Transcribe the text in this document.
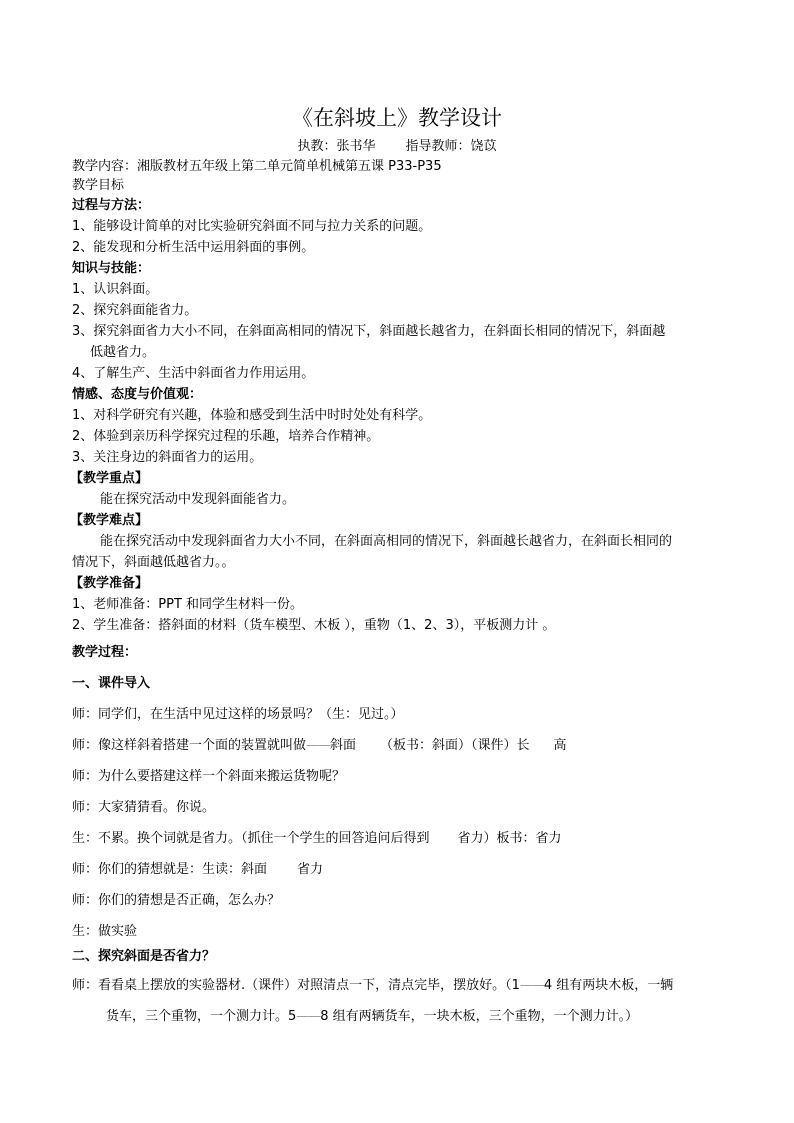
《在斜坡上》教学设计
执教：张书华 指导教师：饶苡
教学内容：湘版教材五年级上第二单元简单机械第五课 P33-P35
教学目标
过程与方法：
1、能够设计简单的对比实验研究斜面不同与拉力关系的问题。
2、能发现和分析生活中运用斜面的事例。
知识与技能：
1、认识斜面。
2、探究斜面能省力。
3、探究斜面省力大小不同，在斜面高相同的情况下，斜面越长越省力，在斜面长相同的情况下，斜面越
低越省力。
4、了解生产、生活中斜面省力作用运用。
情感、态度与价值观：
1、对科学研究有兴趣，体验和感受到生活中时时处处有科学。
2、体验到亲历科学探究过程的乐趣，培养合作精神。
3、关注身边的斜面省力的运用。
【教学重点】
能在探究活动中发现斜面能省力。
【教学难点】
能在探究活动中发现斜面省力大小不同，在斜面高相同的情况下，斜面越长越省力，在斜面长相同的
情况下，斜面越低越省力。。
【教学准备】
1、老师准备：PPT 和同学生材料一份。
2、学生准备：搭斜面的材料（货车模型、木板 ），重物（1、2、3），平板测力计 。
教学过程：
一、课件导入
师：同学们，在生活中见过这样的场景吗？（生：见过。）
师：像这样斜着搭建一个面的装置就叫做——斜面 （板书：斜面）（课件）长 高
师：为什么要搭建这样一个斜面来搬运货物呢？
师：大家猜猜看。你说。
生：不累。换个词就是省力。（抓住一个学生的回答追问后得到 省力）板书：省力
师：你们的猜想就是：生读：斜面 省力
师：你们的猜想是否正确，怎么办？
生：做实验
二、探究斜面是否省力？
师：看看桌上摆放的实验器材.（课件）对照清点一下，清点完毕，摆放好。（1——4 组有两块木板，一辆
货车，三个重物，一个测力计。5——8 组有两辆货车，一块木板，三个重物，一个测力计。）
